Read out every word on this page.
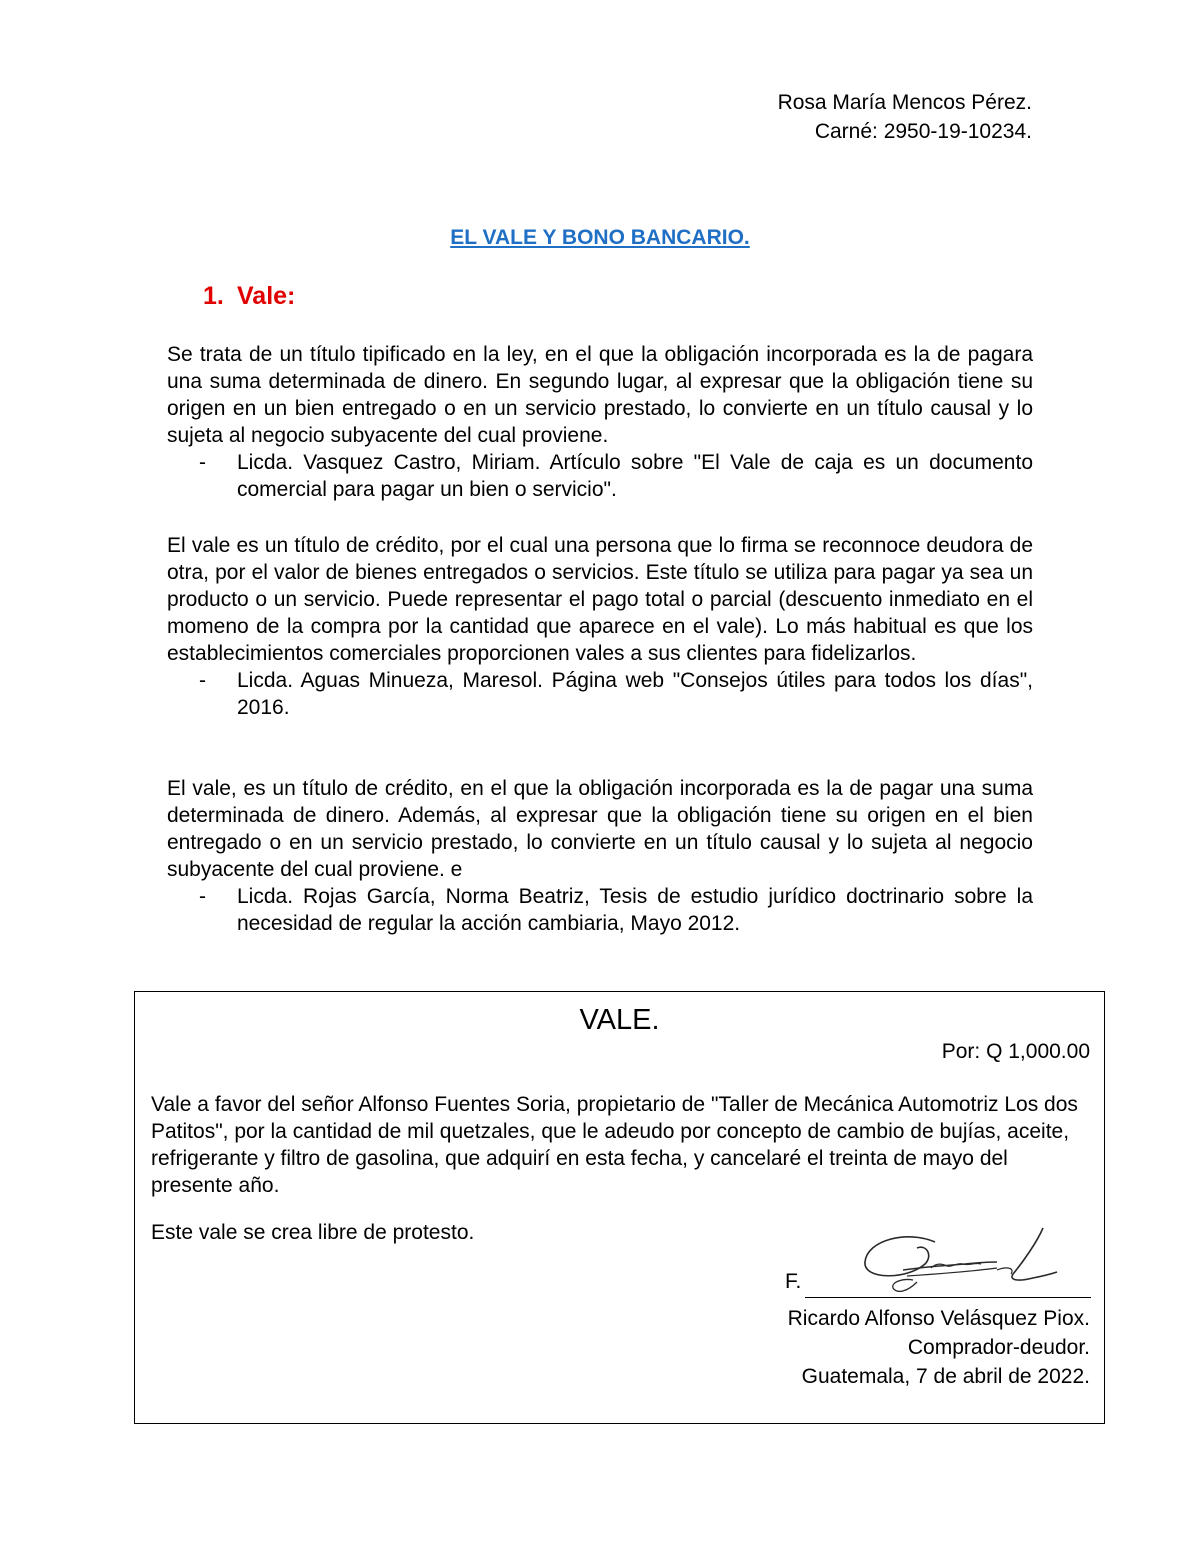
Rosa María Mencos Pérez.
Carné: 2950-19-10234.
EL VALE Y BONO BANCARIO.
1. Vale:

Se trata de un título tipificado en la ley, en el que la obligación incorporada es la de pagara una suma determinada de dinero. En segundo lugar, al expresar que la obligación tiene su origen en un bien entregado o en un servicio prestado, lo convierte en un título causal y lo sujeta al negocio subyacente del cual proviene.

- Licda. Vasquez Castro, Miriam. Artículo sobre "El Vale de caja es un documento comercial para pagar un bien o servicio".

El vale es un título de crédito, por el cual una persona que lo firma se reconnoce deudora de otra, por el valor de bienes entregados o servicios. Este título se utiliza para pagar ya sea un producto o un servicio. Puede representar el pago total o parcial (descuento inmediato en el momeno de la compra por la cantidad que aparece en el vale). Lo más habitual es que los establecimientos comerciales proporcionen vales a sus clientes para fidelizarlos.

- Licda. Aguas Minueza, Maresol. Página web "Consejos útiles para todos los días", 2016.

El vale, es un título de crédito, en el que la obligación incorporada es la de pagar una suma determinada de dinero. Además, al expresar que la obligación tiene su origen en el bien entregado o en un servicio prestado, lo convierte en un título causal y lo sujeta al negocio subyacente del cual proviene. e

- Licda. Rojas García, Norma Beatriz, Tesis de estudio jurídico doctrinario sobre la necesidad de regular la acción cambiaria, Mayo 2012.

VALE.
Por: Q 1,000.00

Vale a favor del señor Alfonso Fuentes Soria, propietario de "Taller de Mecánica Automotriz Los dos Patitos", por la cantidad de mil quetzales, que le adeudo por concepto de cambio de bujías, aceite, refrigerante y filtro de gasolina, que adquirí en esta fecha, y cancelaré el treinta de mayo del presente año.

Este vale se crea libre de protesto.
F.
Ricardo Alfonso Velásquez Piox.
Comprador-deudor.
Guatemala, 7 de abril de 2022.
